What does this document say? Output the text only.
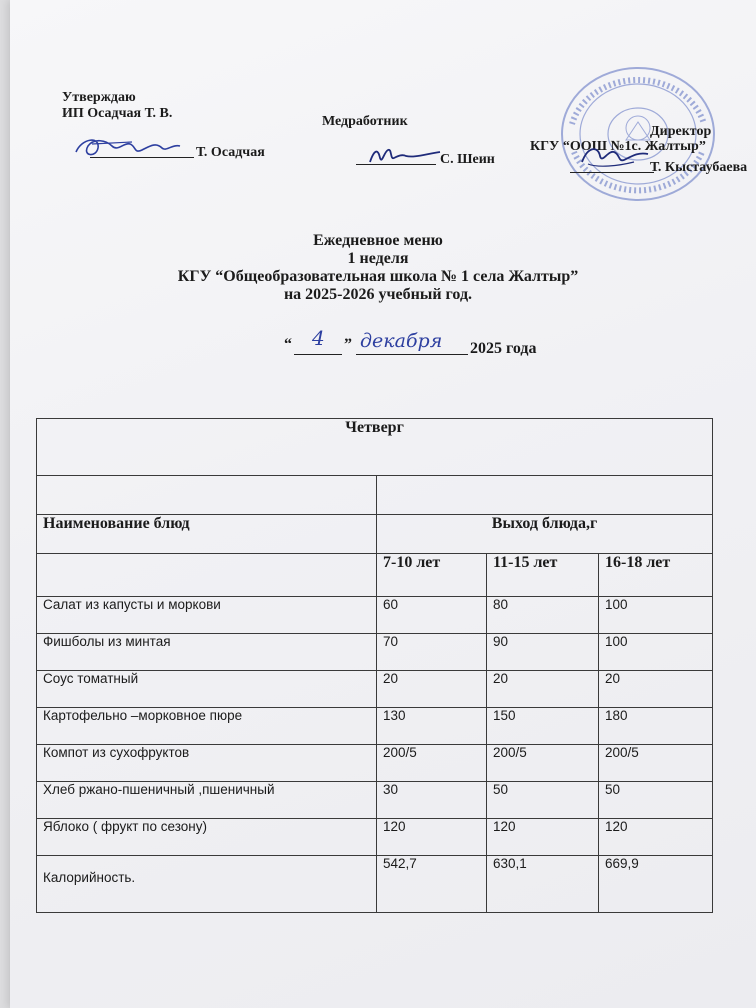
Утверждаю
ИП Осадчая Т. В.
Т. Осадчая
Медработник
С. Шеин
Директор
КГУ “ООШ №1с. Жалтыр”
Т. Кыстаубаева
Ежедневное меню
1 неделя
КГУ “Общеобразовательная школа № 1 села Жалтыр”
на 2025-2026 учебный год.
“ 4 ” декабря 2025 года
Четверг			

Наименование блюд	Выход блюда,г		
	7-10 лет	11-15 лет	16-18 лет
Салат из капусты и моркови	60	80	100
Фишболы из минтая	70	90	100
Соус томатный	20	20	20
Картофельно –морковное пюре	130	150	180
Компот из сухофруктов	200/5	200/5	200/5
Хлеб ржано-пшеничный ,пшеничный	30	50	50
Яблоко ( фрукт по сезону)	120	120	120
Калорийность.	542,7	630,1	669,9
